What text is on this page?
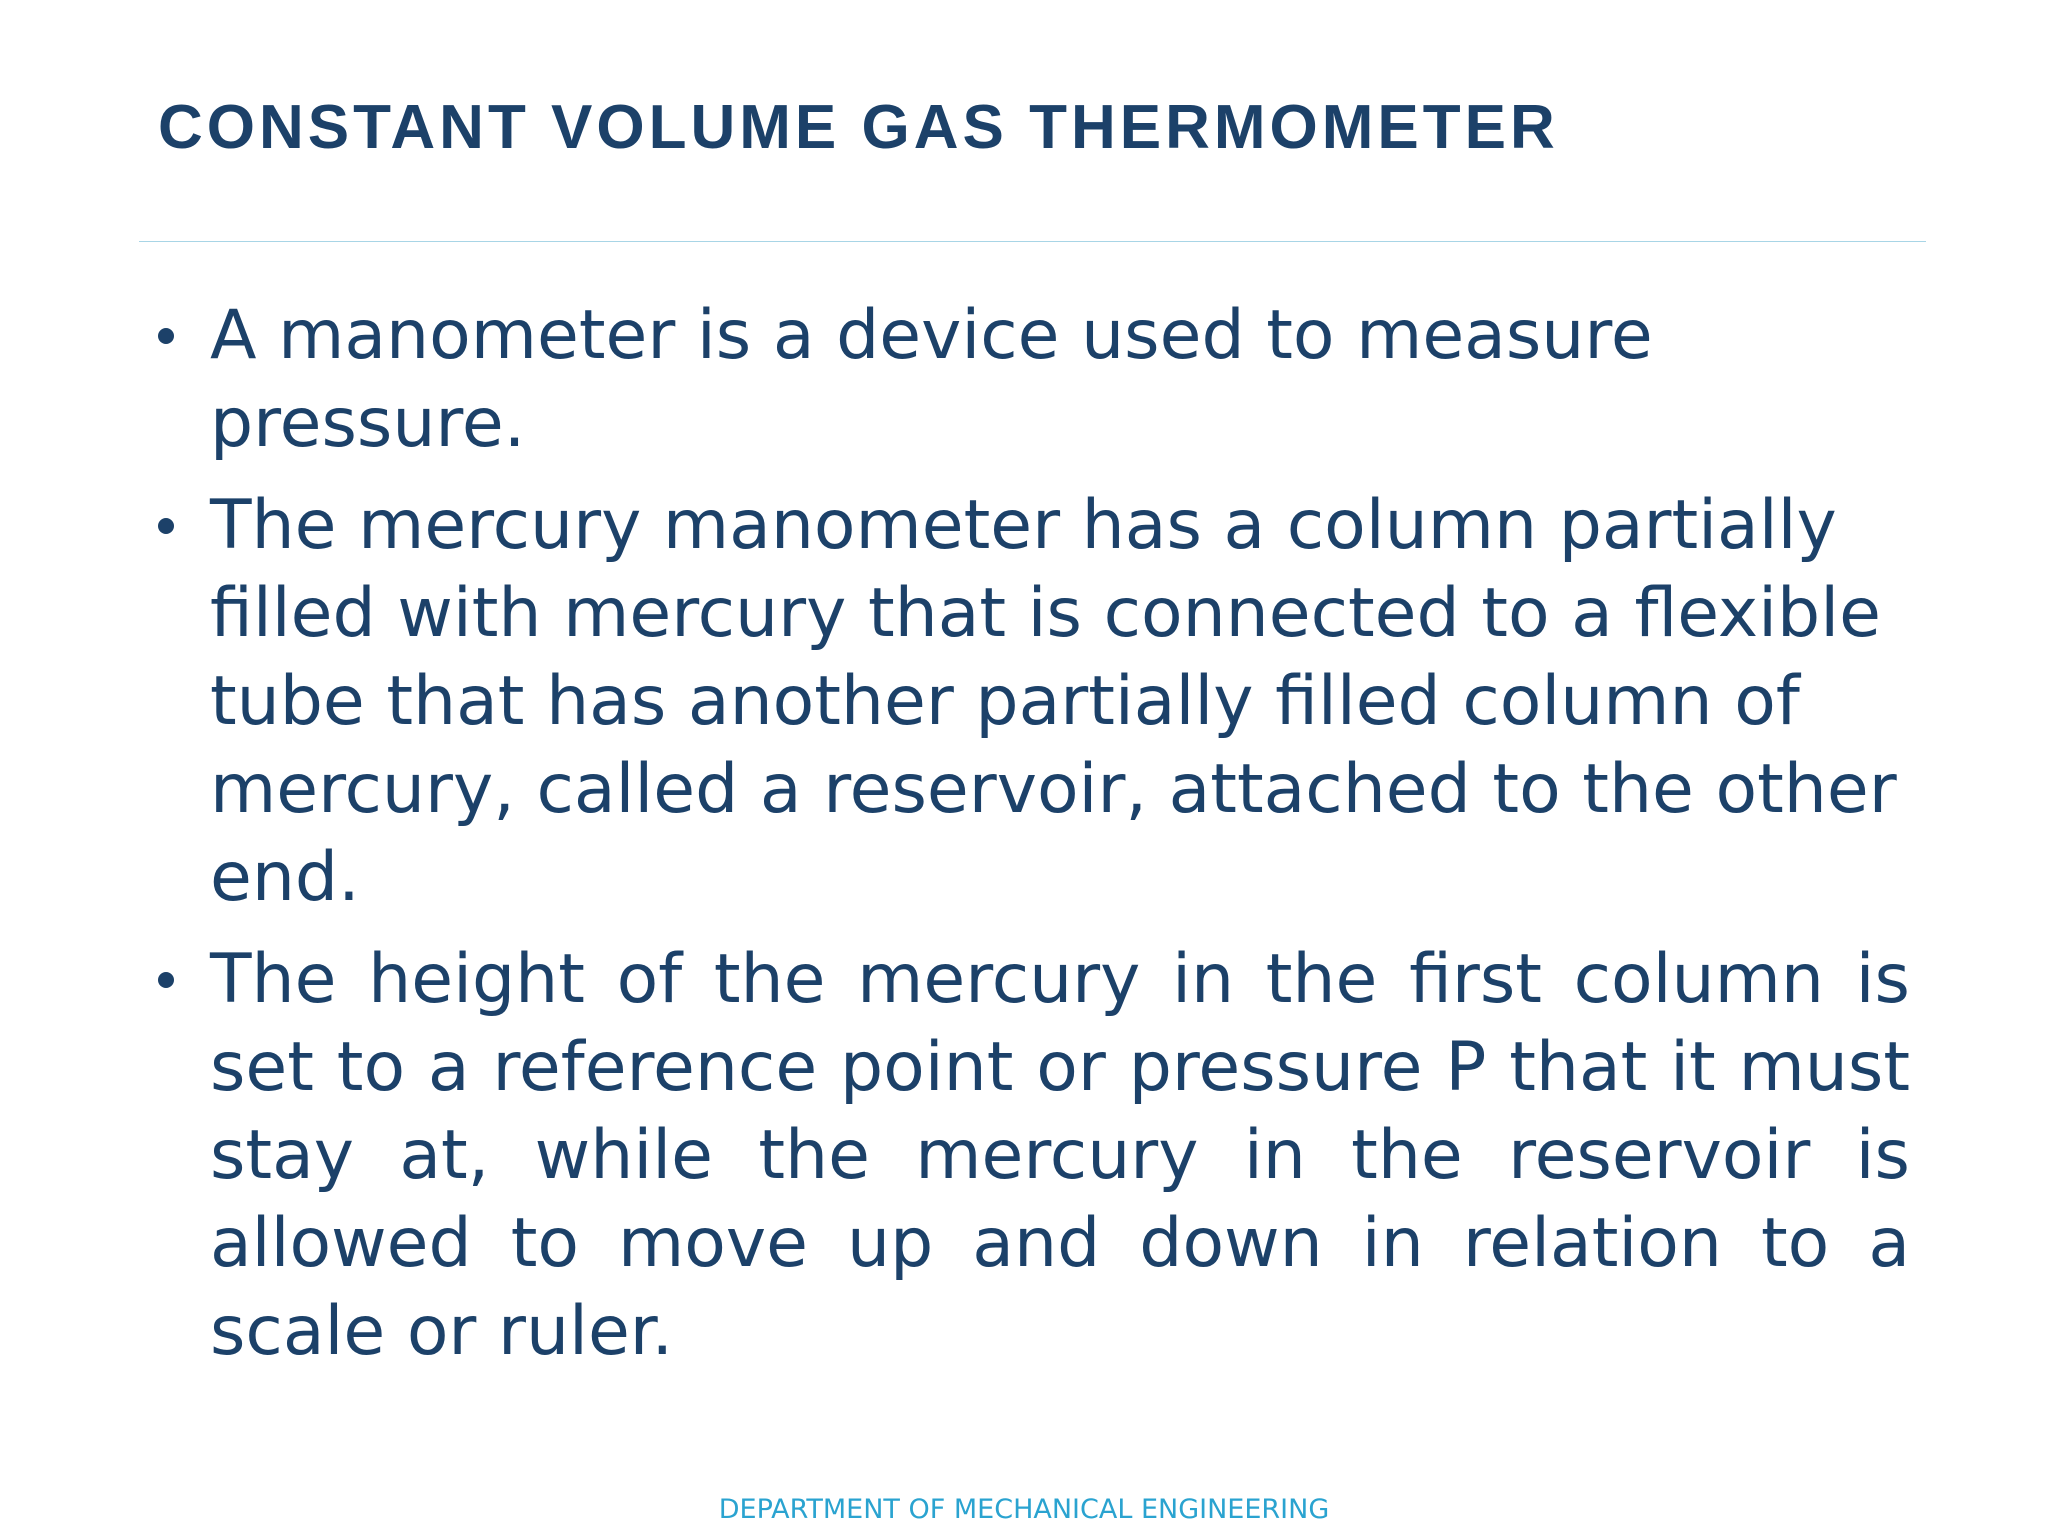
CONSTANT VOLUME GAS THERMOMETER
A manometer is a device used to measure pressure.
The mercury manometer has a column partially filled with mercury that is connected to a flexible tube that has another partially filled column of mercury, called a reservoir, attached to the other end.
The height of the mercury in the first column is set to a reference point or pressure P that it must stay at, while the mercury in the reservoir is allowed to move up and down in relation to a scale or ruler.
DEPARTMENT OF MECHANICAL ENGINEERING
